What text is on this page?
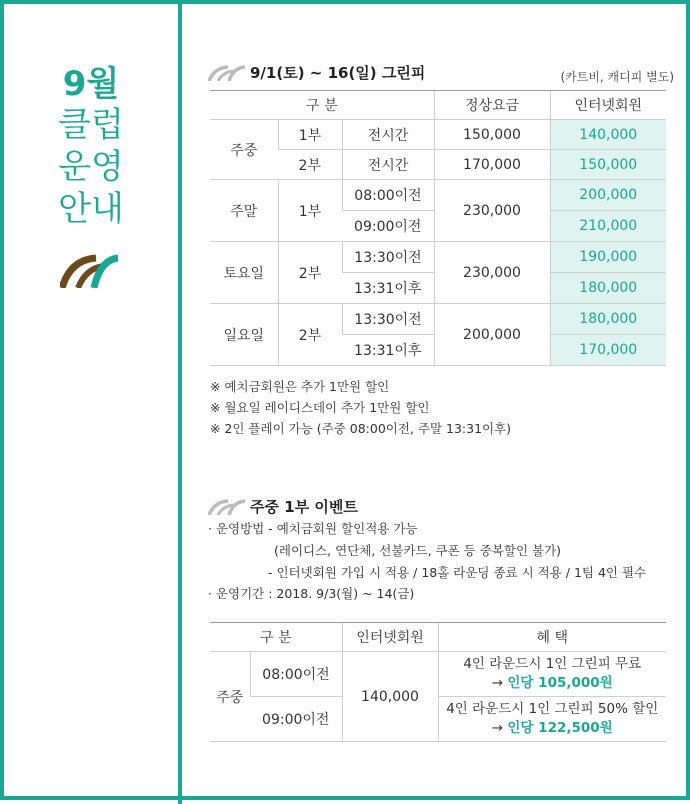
9월
클럽
운영
안내
9/1(토) ~ 16(일) 그린피	(카트비, 캐디피 별도)
구 분			정상요금	인터넷회원
주중	1부	전시간	150,000	140,000
	2부	전시간	170,000	150,000
주말	1부	08:00이전	230,000	200,000
		09:00이전		210,000
토요일	2부	13:30이전	230,000	190,000
		13:31이후		180,000
일요일	2부	13:30이전	200,000	180,000
		13:31이후		170,000
※ 예치금회원은 추가 1만원 할인
※ 월요일 레이디스데이 추가 1만원 할인
※ 2인 플레이 가능 (주중 08:00이전, 주말 13:31이후)
주중 1부 이벤트
· 운영방법 - 예치금회원 할인적용 가능
(레이디스, 연단체, 선불카드, 쿠폰 등 중복할인 불가)
- 인터넷회원 가입 시 적용 / 18홀 라운딩 종료 시 적용 / 1팀 4인 필수
· 운영기간 : 2018. 9/3(월) ~ 14(금)
구 분		인터넷회원	혜 택
주중	08:00이전	140,000	4인 라운드시 1인 그린피 무료
→ 인당 105,000원

	09:00이전		4인 라운드시 1인 그린피 50% 할인
→ 인당 122,500원
